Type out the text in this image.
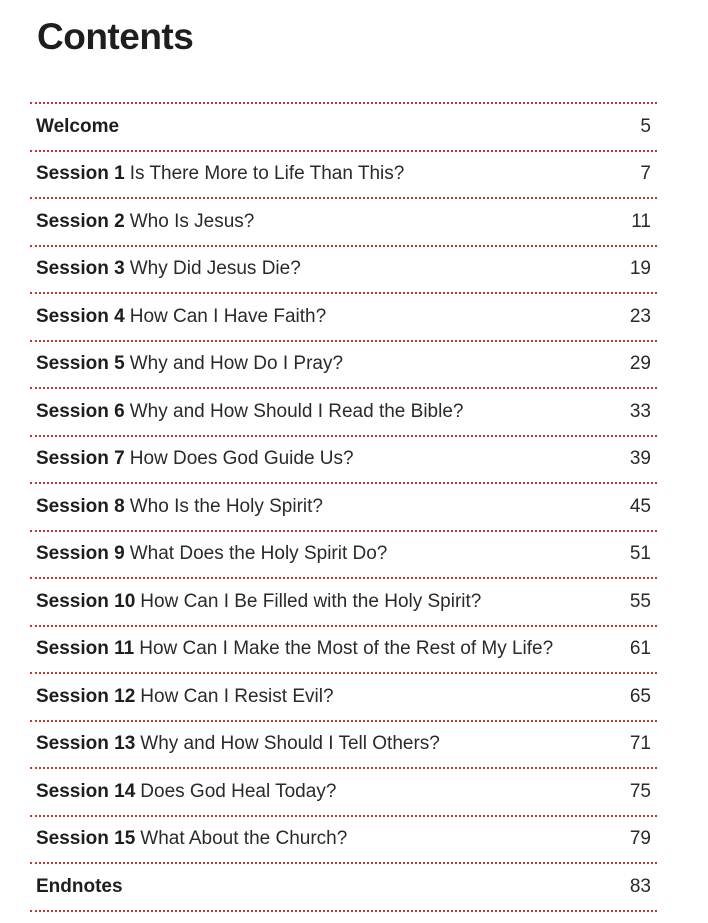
Contents
Welcome	5
Session 1 Is There More to Life Than This?	7
Session 2 Who Is Jesus?	11
Session 3 Why Did Jesus Die?	19
Session 4 How Can I Have Faith?	23
Session 5 Why and How Do I Pray?	29
Session 6 Why and How Should I Read the Bible?	33
Session 7 How Does God Guide Us?	39
Session 8 Who Is the Holy Spirit?	45
Session 9 What Does the Holy Spirit Do?	51
Session 10 How Can I Be Filled with the Holy Spirit?	55
Session 11 How Can I Make the Most of the Rest of My Life?	61
Session 12 How Can I Resist Evil?	65
Session 13 Why and How Should I Tell Others?	71
Session 14 Does God Heal Today?	75
Session 15 What About the Church?	79
Endnotes	83
